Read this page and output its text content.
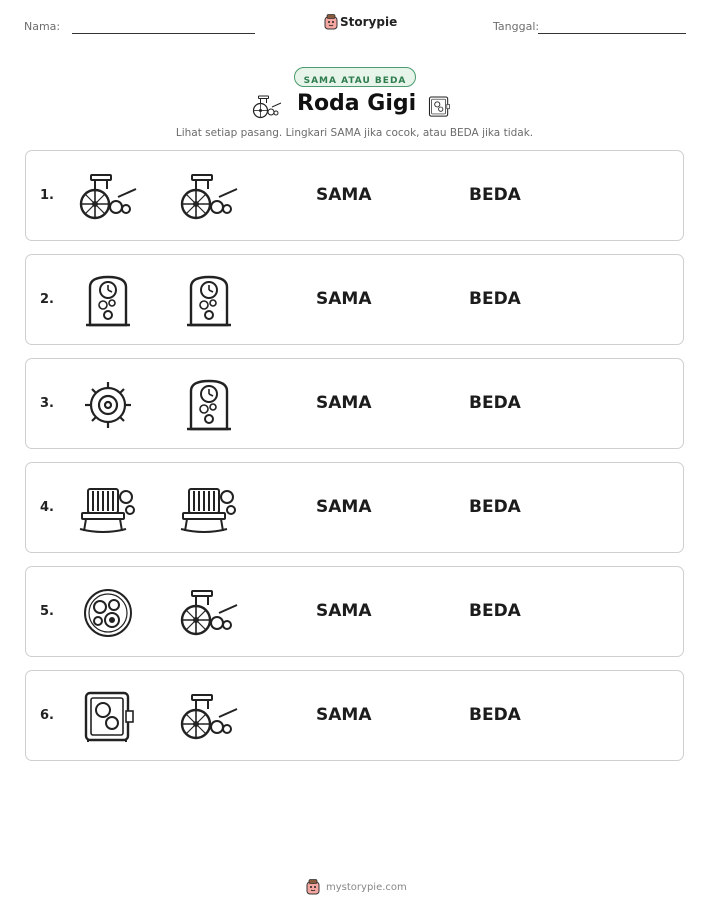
Nama:	Storypie	Tanggal:
SAMA ATAU BEDA
Roda Gigi
Lihat setiap pasang. Lingkari SAMA jika cocok, atau BEDA jika tidak.
1.	SAMA	BEDA
2.	SAMA	BEDA
3.	SAMA	BEDA
4.	SAMA	BEDA
5.	SAMA	BEDA
6.	SAMA	BEDA
mystorypie.com
